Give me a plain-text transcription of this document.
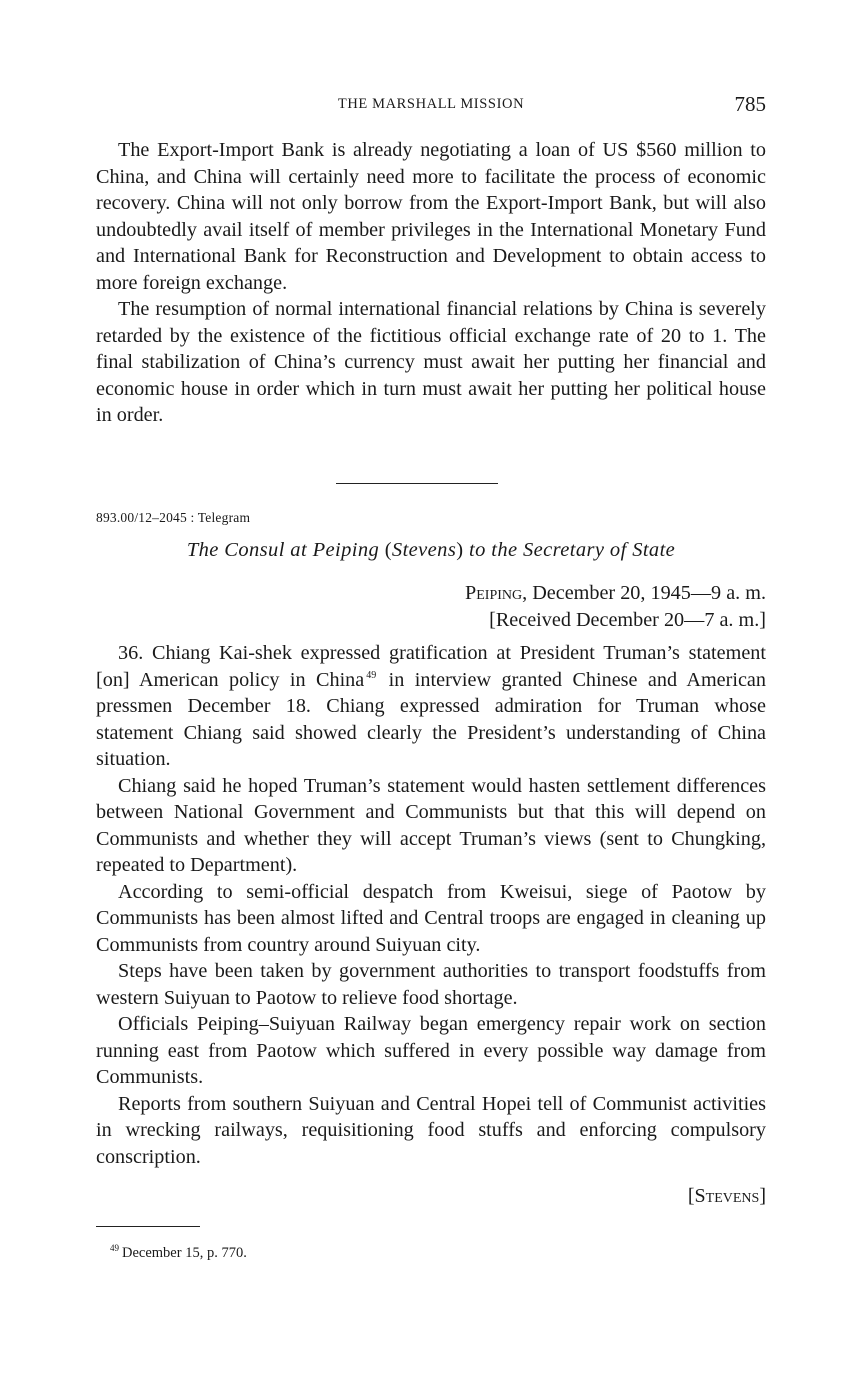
THE MARSHALL MISSION	785

The Export-Import Bank is already negotiating a loan of US $560 million to China, and China will certainly need more to facilitate the process of economic recovery. China will not only borrow from the Export-Import Bank, but will also undoubtedly avail itself of member privileges in the International Monetary Fund and International Bank for Reconstruction and Development to obtain access to more foreign exchange.

The resumption of normal international financial relations by China is severely retarded by the existence of the fictitious official exchange rate of 20 to 1. The final stabilization of China’s currency must await her putting her financial and economic house in order which in turn must await her putting her political house in order.

893.00/12–2045 : Telegram
The Consul at Peiping (Stevens) to the Secretary of State
Peiping, December 20, 1945—9 a. m.
[Received December 20—7 a. m.]

36. Chiang Kai-shek expressed gratification at President Truman’s statement [on] American policy in China $^{49}$ in interview granted Chinese and American pressmen December 18. Chiang expressed admiration for Truman whose statement Chiang said showed clearly the President’s understanding of China situation.

Chiang said he hoped Truman’s statement would hasten settlement differences between National Government and Communists but that this will depend on Communists and whether they will accept Truman’s views (sent to Chungking, repeated to Department).

According to semi-official despatch from Kweisui, siege of Paotow by Communists has been almost lifted and Central troops are engaged in cleaning up Communists from country around Suiyuan city.

Steps have been taken by government authorities to transport foodstuffs from western Suiyuan to Paotow to relieve food shortage.

Officials Peiping–Suiyuan Railway began emergency repair work on section running east from Paotow which suffered in every possible way damage from Communists.

Reports from southern Suiyuan and Central Hopei tell of Communist activities in wrecking railways, requisitioning food stuffs and enforcing compulsory conscription.

[Stevens]
$^{49}$ December 15, p. 770.
